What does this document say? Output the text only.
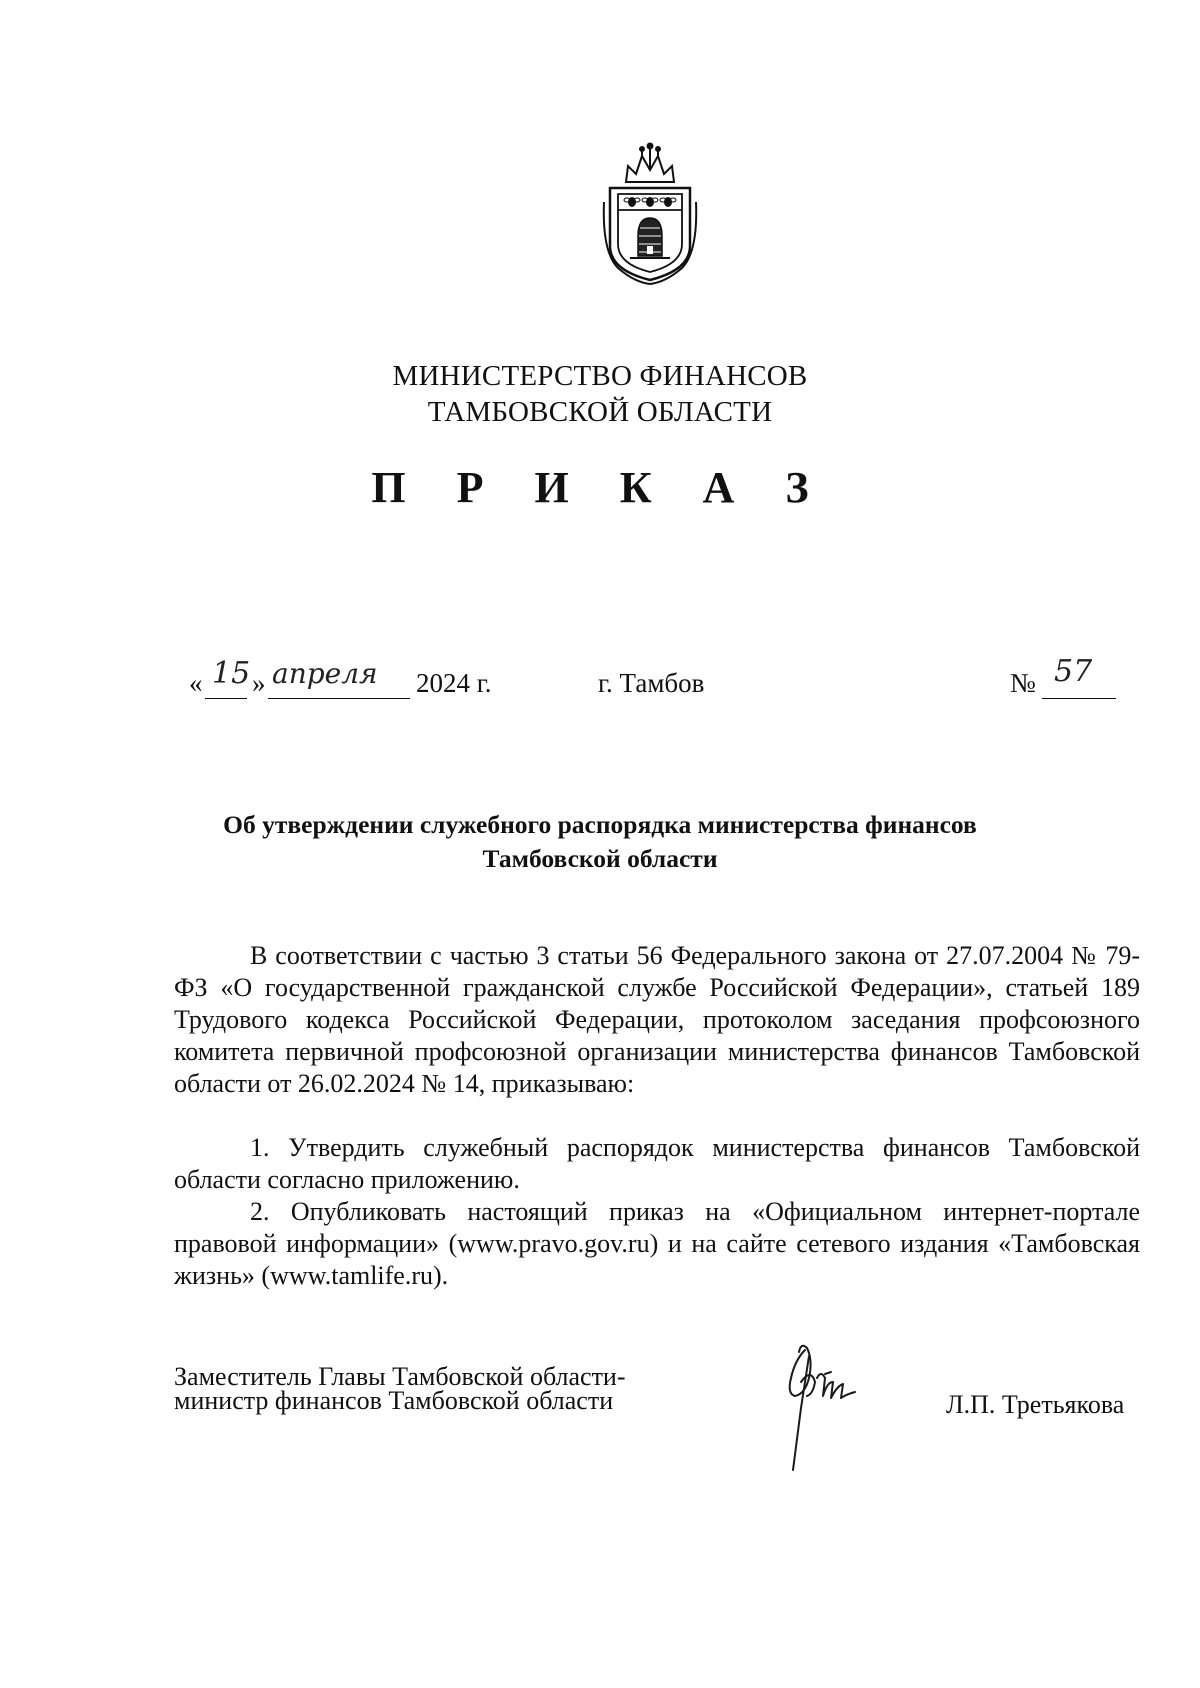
МИНИСТЕРСТВО ФИНАНСОВ
ТАМБОВСКОЙ ОБЛАСТИ
П Р И К А З
« 15 » апреля 2024 г.	г. Тамбов	№ 57
Об утверждении служебного распорядка министерства финансов
Тамбовской области

В соответствии с частью 3 статьи 56 Федерального закона от 27.07.2004 № 79-ФЗ «О государственной гражданской службе Российской Федерации», статьей 189 Трудового кодекса Российской Федерации, протоколом заседания профсоюзного комитета первичной профсоюзной организации министерства финансов Тамбовской области от 26.02.2024 № 14, приказываю:

1. Утвердить служебный распорядок министерства финансов Тамбовской области согласно приложению.

2. Опубликовать настоящий приказ на «Официальном интернет-портале правовой информации» (www.pravo.gov.ru) и на сайте сетевого издания «Тамбовская жизнь» (www.tamlife.ru).

Заместитель Главы Тамбовской области-
министр финансов Тамбовской области	Л.П. Третьякова
